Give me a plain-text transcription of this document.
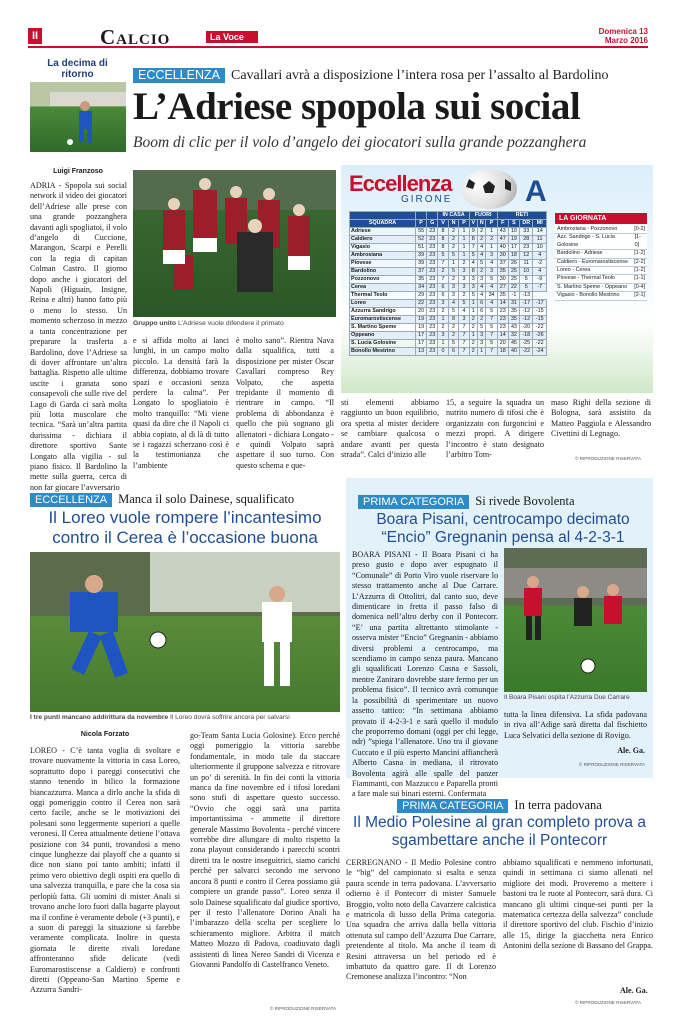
II	Calcio	La Voce
Domenica 13
Marzo 2016
La decima di ritorno
Luigi Franzoso
ECCELLENZA Cavallari avrà a disposizione l’intera rosa per l’assalto al Bardolino
L’Adriese spopola sui social
Boom di clic per il volo d’angelo dei giocatori sulla grande pozzanghera
ADRIA - Spopola sui social network il video dei giocatori dell’Adriese alle prese con una grande pozzanghera davanti agli spogliatoi, il volo d’angelo di Cuccione, Marangon, Scarpi e Perelli con la regia di capitan Colman Castro. Il giorno dopo anche i giocatori del Napoli (Higuain, Insigne, Reina e altri) hanno fatto più o meno lo stesso. Un momento scherzoso in mezzo a tanta concentrazione per preparare la trasferta a Bardolino, dove l’Adriese sa di dover affrontare un’altra battaglia. Rispetto alle ultime uscite i granata sono consapevoli che sulle rive del Lago di Garda ci sarà molta più lotta muscolare che tecnica. “Sarà un’altra partita durissima - dichiara il direttore sportivo Sante Longato alla vigilia - sul piano fisico. Il Bardolino la mette sulla guerra, cerca di non far giocare l’avversario
Gruppo unito L’Adriese vuole difendere il primato
e si affida molto ai lanci lunghi, in un campo molto piccolo. La densità farà la differenza, dobbiamo trovare spazi e occasioni senza perdere la calma”. Per Longato lo spogliatoio è molto tranquillo: “Mi viene quasi da dire che il Napoli ci abbia copiato, al di là di tutto se i ragazzi scherzano così è la testimonianza che l’ambiente
è molto sano”. Rientra Nava dalla squalifica, tutti a disposizione per mister Oscar Cavallari compreso Rey Volpato, che aspetta trepidante il momento di rientrare in campo. “Il problema di abbondanza è quello che più sognano gli allenatori - dichiara Longato - e quindi Volpato saprà aspettare il suo turno. Con questo schema e que-
sti elementi abbiamo raggiunto un buon equilibrio, ora spetta al mister decidere se cambiare qualcosa o andare avanti per questa strada”. Calci d’inizio alle
15, a seguire la squadra un nutrito numero di tifosi che è organizzato con furgoncini e mezzi propri. A dirigere l’incontro è stato designato l’arbitro Tom-
maso Righi della sezione di Bologna, sarà assistito da Matteo Paggiola e Alessandro Civettini di Legnago.
© RIPRODUZIONE RISERVATA
Eccellenza
GIRONE A
			IN CASA			FUORI			RETI			
SQUADRA	P	G	V	N	P	V	N	P	F	S	DR	MI
Adriese	55	23	8	2	1	9	2	1	43	10	33	14
Caldiero	52	23	8	2	1	8	2	2	47	19	28	11
Vigasio	51	23	8	2	1	7	4	1	40	17	23	10
Ambrosiana	39	23	5	5	1	5	4	3	30	18	12	4
Piovese	39	23	7	1	2	4	5	4	37	26	11	-2
Bardolino	37	23	2	5	3	8	2	3	35	25	10	4
Pozzonovo	35	23	7	2	3	3	3	5	30	25	5	-9
Cerea	34	23	6	3	3	3	4	4	27	22	5	-7
Thermal Teolo	29	23	6	3	2	5	4	34	35	-1	-13	
Loreo	22	23	3	4	5	1	6	4	14	31	-17	-17
Azzurra Sandrigo	20	23	2	5	4	1	6	5	23	35	-12	-15
Euromarostiscense	19	23	1	8	3	2	2	7	23	35	-12	-15
S. Martino Speme	19	23	2	2	7	2	5	5	23	43	-20	-22
Oppeano	17	23	3	2	7	1	3	7	14	32	-18	-26
S. Lucia Golosine	17	23	1	5	7	2	3	5	20	45	-25	-22
Bonollo Mestrino	13	23	0	6	7	2	1	7	18	40	-22	-24
LA GIORNATA
Ambrosiana - Pozzonovo	[0-2]
Azz. Sandrigo - S. Lucia Golosine
[1-0]
Bardolino - Adriese	[1-2]
Caldiero - Euromarostiscense [2-2]
Loreo - Cerea	[1-2]
Piovese - Thermal Teolo	[1-1]
S. Martino Speme - Oppeano [0-4]
Vigasio - Bonollo Mestrino	[2-1]
ECCELLENZA Manca il solo Dainese, squalificato
Il Loreo vuole rompere l’incantesimo contro il Cerea è l’occasione buona
I tre punti mancano addirittura da novembre Il Loreo dovrà soffrire ancora per salvarsi
Nicola Forzato
LOREO - C’è tanta voglia di svoltare e trovare nuovamente la vittoria in casa Loreo, soprattutto dopo i pareggi consecutivi che stanno tenendo in bilico la formazione biancazzurra. Manca a dirlo anche la sfida di oggi pomeriggio contro il Cerea non sarà certo facile, anche se le motivazioni dei polesani sono leggermente superiori a quelle veronesi. Il Cerea attualmente detiene l’ottava posizione con 34 punti, trovandosi a meno cinque lunghezze dai playoff che a quanto si dice non siano poi tanto ambiti; infatti il primo vero obiettivo degli ospiti era quello di una salvezza tranquilla, e pare che la cosa sia perlopiù fatta. Gli uomini di mister Anali si trovano anche loro fuori dalla bagarre playout ma il confine è veramente debole (+3 punti), e a suon di pareggi la situazione si farebbe veramente complicata. Inoltre in questa giornata le dirette rivali loredane affronteranno sfide delicate (vedi Euromarostiscense a Caldiero) e confronti diretti (Oppeano-San Martino Speme e Azzurra Sandri-
go-Team Santa Lucia Golosine). Ecco perché oggi pomeriggio la vittoria sarebbe fondamentale, in modo tale da staccare ulteriormente il gruppone salvezza e ritrovare un po’ di serenità. In fin dei conti la vittoria manca da fine novembre ed i tifosi loredani sono stufi di aspettare questo successo. “Ovvio che oggi sarà una partita importantissima - ammette il direttore generale Massimo Bovolenta - perché vincere vorrebbe dire allungare di molto rispetto la zona playout considerando i parecchi scontri diretti tra le nostre inseguitrici, siamo carichi perché per salvarci secondo me servono ancora 8 punti e contro il Cerea possiamo già compiere un grande passo”. Loreo senza il solo Dainese squalificato dal giudice sportivo, per il resto l’allenatore Dorino Anali ha l’imbarazzo della scelta per scegliere lo schieramento migliore. Arbitra il match Matteo Mozzo di Padova, coadiuvato dagli assistenti di linea Nereo Sandri di Vicenza e Giovanni Pandolfo di Castelfranco Veneto.
© RIPRODUZIONE RISERVATA
PRIMA CATEGORIA Si rivede Bovolenta
Boara Pisani, centrocampo decimato “Encio” Gregnanin pensa al 4-2-3-1
BOARA PISANI - Il Boara Pisani ci ha preso gusto e dopo aver espugnato il “Comunale” di Porto Viro vuole riservare lo stesso trattamento anche al Due Carrare. L’Azzurra di Ottolitri, dal canto suo, deve dimenticare in fretta il passo falso di domenica nell’altro derby con il Pontecorr. “E’ una partita altrettanto stimolante - osserva mister “Encio” Gregnanin - abbiamo diversi problemi a centrocampo, ma scendiamo in campo senza paura. Mancano gli squalificati Lorenzo Casna e Sassoli, mentre Zaniraro dovrebbe stare fermo per un problema fisico”. Il tecnico avrà comunque la possibilità di sperimentare un nuovo assetto tattico: “In settimana abbiamo provato il 4-2-3-1 e sarà quello il modulo che proporremo domani (oggi per chi legge, ndr) ”spiega l’allenatore. Uno tra il giovane Cuccato e il più esperto Mancini affiancherà Alberto Casna in mediana, il ritrovato Bovolenta agirà alle spalle del panzer Fiammanti, con Mazzucco e Paparella pronti a fare male sui binari esterni. Confermata
Il Boara Pisani ospita l’Azzurra Due Carrare
tutta la linea difensiva. La sfida padovana in riva all’Adige sarà diretta dal fischietto Luca Selvatici della sezione di Rovigo.
Ale. Ga.
© RIPRODUZIONE RISERVATA
PRIMA CATEGORIA In terra padovana
Il Medio Polesine al gran completo prova a sgambettare anche il Pontecorr
CERREGNANO - Il Medio Polesine contro le “big” del campionato si esalta e senza paura scende in terra padovana. L’avversario odierno è il Pontecorr di mister Samuele Broggio, volto noto della Cavarzere calcistica e matricola di lusso della Prima categoria. Una squadra che arriva dalla bella vittoria ottenuta sul campo dell’Azzurra Due Carrare, pretendente al titolo. Ma anche il team di Resini attraversa un bel periodo ed è imbattuto da quattro gare. Il dt Lorenzo Cremonese analizza l’incontro: “Non
abbiamo squalificati e nemmeno infortunati, quindi in settimana ci siamo allenati nel migliore dei modi. Proveremo a mettere i bastoni tra le ruote al Pontecorr, sarà dura. Ci mancano gli ultimi cinque-sei punti per la matematica certezza della salvezza” conclude il direttore sportivo del club. Fischio d’inizio alle 15, dirige la giacchetta nera Enrico Antonini della sezione di Bassano del Grappa.
Ale. Ga.
© RIPRODUZIONE RISERVATA
